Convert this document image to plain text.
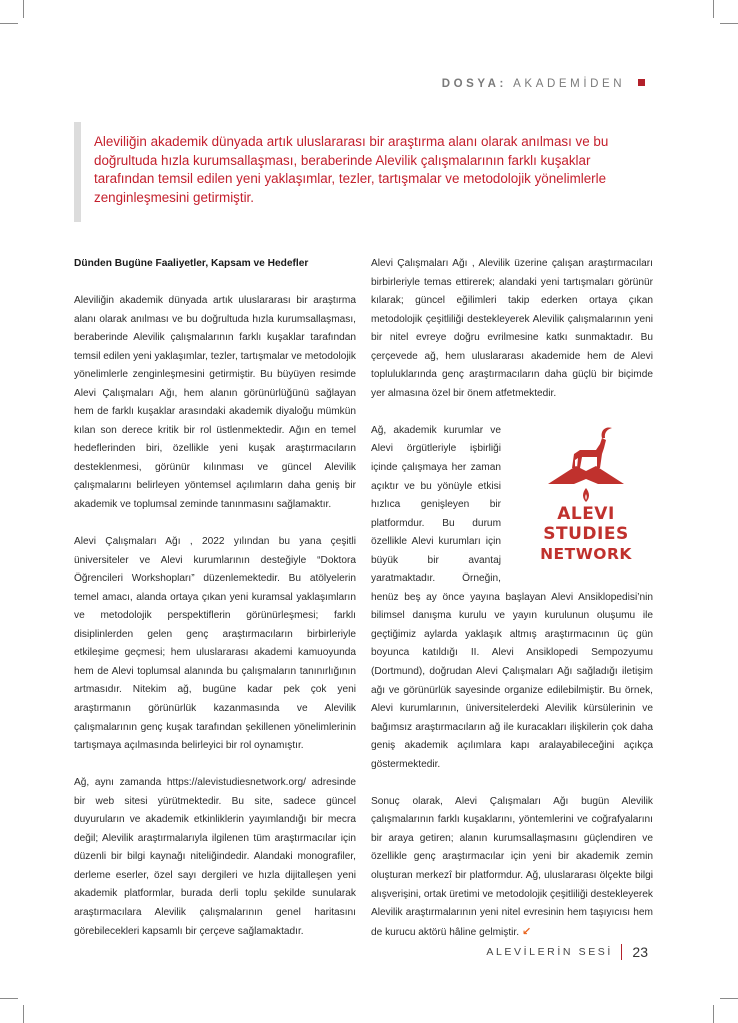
DOSYA: AKADEMİDEN
Aleviliğin akademik dünyada artık uluslararası bir araştırma alanı olarak anılması ve bu doğrultuda hızla kurumsallaşması, beraberinde Alevilik çalışmalarının farklı kuşaklar tarafından temsil edilen yeni yaklaşımlar, tezler, tartışmalar ve metodolojik yönelimlerle zenginleşmesini getirmiştir.
Dünden Bugüne Faaliyetler, Kapsam ve Hedefler

Aleviliğin akademik dünyada artık uluslararası bir araştırma alanı olarak anılması ve bu doğrultuda hızla kurumsallaşması, beraberinde Alevilik çalışmalarının farklı kuşaklar tarafından temsil edilen yeni yaklaşımlar, tezler, tartışmalar ve metodolojik yönelimlerle zenginleşmesini getirmiştir. Bu büyüyen resimde Alevi Çalışmaları Ağı, hem alanın görünürlüğünü sağlayan hem de farklı kuşaklar arasındaki akademik diyaloğu mümkün kılan son derece kritik bir rol üstlenmektedir. Ağın en temel hedeflerinden biri, özellikle yeni kuşak araştırmacıların desteklenmesi, görünür kılınması ve güncel Alevilik çalışmalarını belirleyen yöntemsel açılımların daha geniş bir akademik ve toplumsal zeminde tanınmasını sağlamaktır.

Alevi Çalışmaları Ağı , 2022 yılından bu yana çeşitli üniversiteler ve Alevi kurumlarının desteğiyle “Doktora Öğrencileri Workshopları” düzenlemektedir. Bu atölyelerin temel amacı, alanda ortaya çıkan yeni kuramsal yaklaşımların ve metodolojik perspektiflerin görünürleşmesi; farklı disiplinlerden gelen genç araştırmacıların birbirleriyle etkileşime geçmesi; hem uluslararası akademi kamuoyunda hem de Alevi toplumsal alanında bu çalışmaların tanınırlığının artmasıdır. Nitekim ağ, bugüne kadar pek çok yeni araştırmanın görünürlük kazanmasında ve Alevilik çalışmalarının genç kuşak tarafından şekillenen yönelimlerinin tartışmaya açılmasında belirleyici bir rol oynamıştır.

Ağ, aynı zamanda https://alevistudiesnetwork.org/ adresinde bir web sitesi yürütmektedir. Bu site, sadece güncel duyuruların ve akademik etkinliklerin yayımlandığı bir mecra değil; Alevilik araştırmalarıyla ilgilenen tüm araştırmacılar için düzenli bir bilgi kaynağı niteliğindedir. Alandaki monografiler, derleme eserler, özel sayı dergileri ve hızla dijitalleşen yeni akademik platformlar, burada derli toplu şekilde sunularak araştırmacılara Alevilik çalışmalarının genel haritasını görebilecekleri kapsamlı bir çerçeve sağlamaktadır.

Alevi Çalışmaları Ağı , Alevilik üzerine çalışan araştırmacıları birbirleriyle temas ettirerek; alandaki yeni tartışmaları görünür kılarak; güncel eğilimleri takip ederken ortaya çıkan metodolojik çeşitliliği destekleyerek Alevilik çalışmalarının yeni bir nitel evreye doğru evrilmesine katkı sunmaktadır. Bu çerçevede ağ, hem uluslararası akademide hem de Alevi topluluklarında genç araştırmacıların daha güçlü bir biçimde yer almasına özel bir önem atfetmektedir.

ALEVI
STUDIES
NETWORK

Ağ, akademik kurumlar ve Alevi örgütleriyle işbirliği içinde çalışmaya her zaman açıktır ve bu yönüyle etkisi hızlıca genişleyen bir platformdur. Bu durum özellikle Alevi kurumları için büyük bir avantaj yaratmaktadır. Örneğin, henüz beş ay önce yayına başlayan Alevi Ansiklopedisi’nin bilimsel danışma kurulu ve yayın kurulunun oluşumu ile geçtiğimiz aylarda yaklaşık altmış araştırmacının üç gün boyunca katıldığı II. Alevi Ansiklopedi Sempozyumu (Dortmund), doğrudan Alevi Çalışmaları Ağı sağladığı iletişim ağı ve görünürlük sayesinde organize edilebilmiştir. Bu örnek, Alevi kurumlarının, üniversitelerdeki Alevilik kürsülerinin ve bağımsız araştırmacıların ağ ile kuracakları ilişkilerin çok daha geniş akademik açılımlara kapı aralayabileceğini açıkça göstermektedir.

Sonuç olarak, Alevi Çalışmaları Ağı bugün Alevilik çalışmalarının farklı kuşaklarını, yöntemlerini ve coğrafyalarını bir araya getiren; alanın kurumsallaşmasını güçlendiren ve özellikle genç araştırmacılar için yeni bir akademik zemin oluşturan merkezî bir platformdur. Ağ, uluslararası ölçekte bilgi alışverişini, ortak üretimi ve metodolojik çeşitliliği destekleyerek Alevilik araştırmalarının yeni nitel evresinin hem taşıyıcısı hem de kurucu aktörü hâline gelmiştir. ↙

ALEVİLERİN SESİ 23
